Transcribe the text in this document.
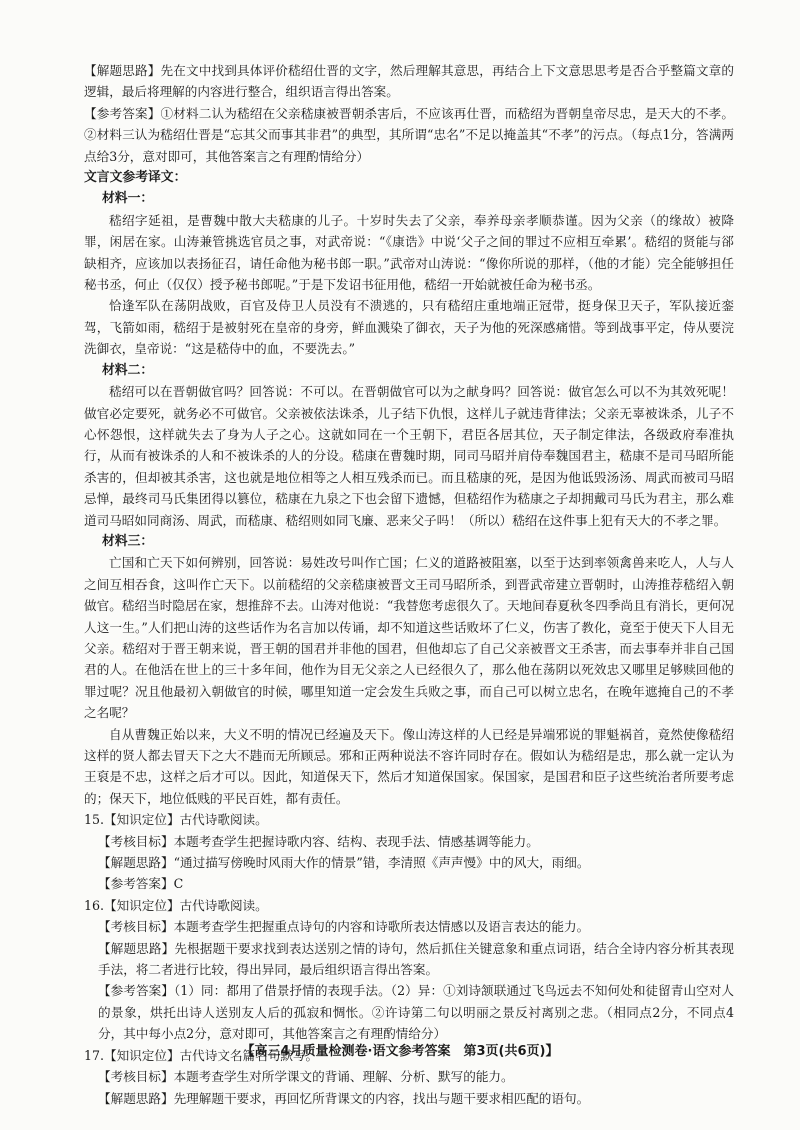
【解题思路】先在文中找到具体评价嵇绍仕晋的文字，然后理解其意思，再结合上下文意思思考是否合乎整篇文章的逻辑，最后将理解的内容进行整合，组织语言得出答案。

【参考答案】①材料二认为嵇绍在父亲嵇康被晋朝杀害后，不应该再仕晋，而嵇绍为晋朝皇帝尽忠，是天大的不孝。②材料三认为嵇绍仕晋是“忘其父而事其非君”的典型，其所谓“忠名”不足以掩盖其“不孝”的污点。（每点1分，答满两点给3分，意对即可，其他答案言之有理酌情给分）

文言文参考译文：

材料一：

嵇绍字延祖，是曹魏中散大夫嵇康的儿子。十岁时失去了父亲，奉养母亲孝顺恭谨。因为父亲（的缘故）被降罪，闲居在家。山涛兼管挑选官员之事，对武帝说：“《康诰》中说‘父子之间的罪过不应相互牵累’。嵇绍的贤能与郤缺相齐，应该加以表扬征召，请任命他为秘书郎一职。”武帝对山涛说：“像你所说的那样，（他的才能）完全能够担任秘书丞，何止（仅仅）授予秘书郎呢。”于是下发诏书征用他，嵇绍一开始就被任命为秘书丞。

恰逢军队在荡阴战败，百官及侍卫人员没有不溃逃的，只有嵇绍庄重地端正冠带，挺身保卫天子，军队接近銮驾，飞箭如雨，嵇绍于是被射死在皇帝的身旁，鲜血溅染了御衣，天子为他的死深感痛惜。等到战事平定，侍从要浣洗御衣，皇帝说：“这是嵇侍中的血，不要洗去。”

材料二：

嵇绍可以在晋朝做官吗？回答说：不可以。在晋朝做官可以为之献身吗？回答说：做官怎么可以不为其效死呢！做官必定要死，就务必不可做官。父亲被依法诛杀，儿子结下仇恨，这样儿子就违背律法；父亲无辜被诛杀，儿子不心怀怨恨，这样就失去了身为人子之心。这就如同在一个王朝下，君臣各居其位，天子制定律法，各级政府奉准执行，从而有被诛杀的人和不被诛杀的人的分设。嵇康在曹魏时期，同司马昭并肩侍奉魏国君主，嵇康不是司马昭所能杀害的，但却被其杀害，这也就是地位相等之人相互残杀而已。而且嵇康的死，是因为他诋毁汤汤、周武而被司马昭忌惮，最终司马氏集团得以篡位，嵇康在九泉之下也会留下遗憾，但嵇绍作为嵇康之子却拥戴司马氏为君主，那么难道司马昭如同商汤、周武，而嵇康、嵇绍则如同飞廉、恶来父子吗！（所以）嵇绍在这件事上犯有天大的不孝之罪。

材料三：

亡国和亡天下如何辨别，回答说：易姓改号叫作亡国；仁义的道路被阻塞，以至于达到率领禽兽来吃人，人与人之间互相吞食，这叫作亡天下。以前嵇绍的父亲嵇康被晋文王司马昭所杀，到晋武帝建立晋朝时，山涛推荐嵇绍入朝做官。嵇绍当时隐居在家，想推辞不去。山涛对他说：“我替您考虑很久了。天地间春夏秋冬四季尚且有消长，更何况人这一生。”人们把山涛的这些话作为名言加以传诵，却不知道这些话败坏了仁义，伤害了教化，竟至于使天下人目无父亲。嵇绍对于晋王朝来说，晋王朝的国君并非他的国君，但他却忘了自己父亲被晋文王杀害，而去事奉并非自己国君的人。在他活在世上的三十多年间，他作为目无父亲之人已经很久了，那么他在荡阴以死效忠又哪里足够赎回他的罪过呢？况且他最初入朝做官的时候，哪里知道一定会发生兵败之事，而自己可以树立忠名，在晚年遮掩自己的不孝之名呢？

自从曹魏正始以来，大义不明的情况已经遍及天下。像山涛这样的人已经是异端邪说的罪魁祸首，竟然使像嵇绍这样的贤人都去冒天下之大不韪而无所顾忌。邪和正两种说法不容许同时存在。假如认为嵇绍是忠，那么就一定认为王裒是不忠，这样之后才可以。因此，知道保天下，然后才知道保国家。保国家，是国君和臣子这些统治者所要考虑的；保天下，地位低贱的平民百姓，都有责任。

15.【知识定位】古代诗歌阅读。

【考核目标】本题考查学生把握诗歌内容、结构、表现手法、情感基调等能力。

【解题思路】“通过描写傍晚时风雨大作的情景”错，李清照《声声慢》中的风大，雨细。

【参考答案】C

16.【知识定位】古代诗歌阅读。

【考核目标】本题考查学生把握重点诗句的内容和诗歌所表达情感以及语言表达的能力。

【解题思路】先根据题干要求找到表达送别之情的诗句，然后抓住关键意象和重点词语，结合全诗内容分析其表现手法，将二者进行比较，得出异同，最后组织语言得出答案。

【参考答案】（1）同：都用了借景抒情的表现手法。（2）异：①刘诗颔联通过飞鸟远去不知何处和徒留青山空对人的景象，烘托出诗人送别友人后的孤寂和惆怅。②许诗第二句以明丽之景反衬离别之悲。（相同点2分，不同点4分，其中每小点2分，意对即可，其他答案言之有理酌情给分）

17.【知识定位】古代诗文名篇名句默写。

【考核目标】本题考查学生对所学课文的背诵、理解、分析、默写的能力。

【解题思路】先理解题干要求，再回忆所背课文的内容，找出与题干要求相匹配的语句。

【高三4月质量检测卷·语文参考答案　第3页(共6页)】
